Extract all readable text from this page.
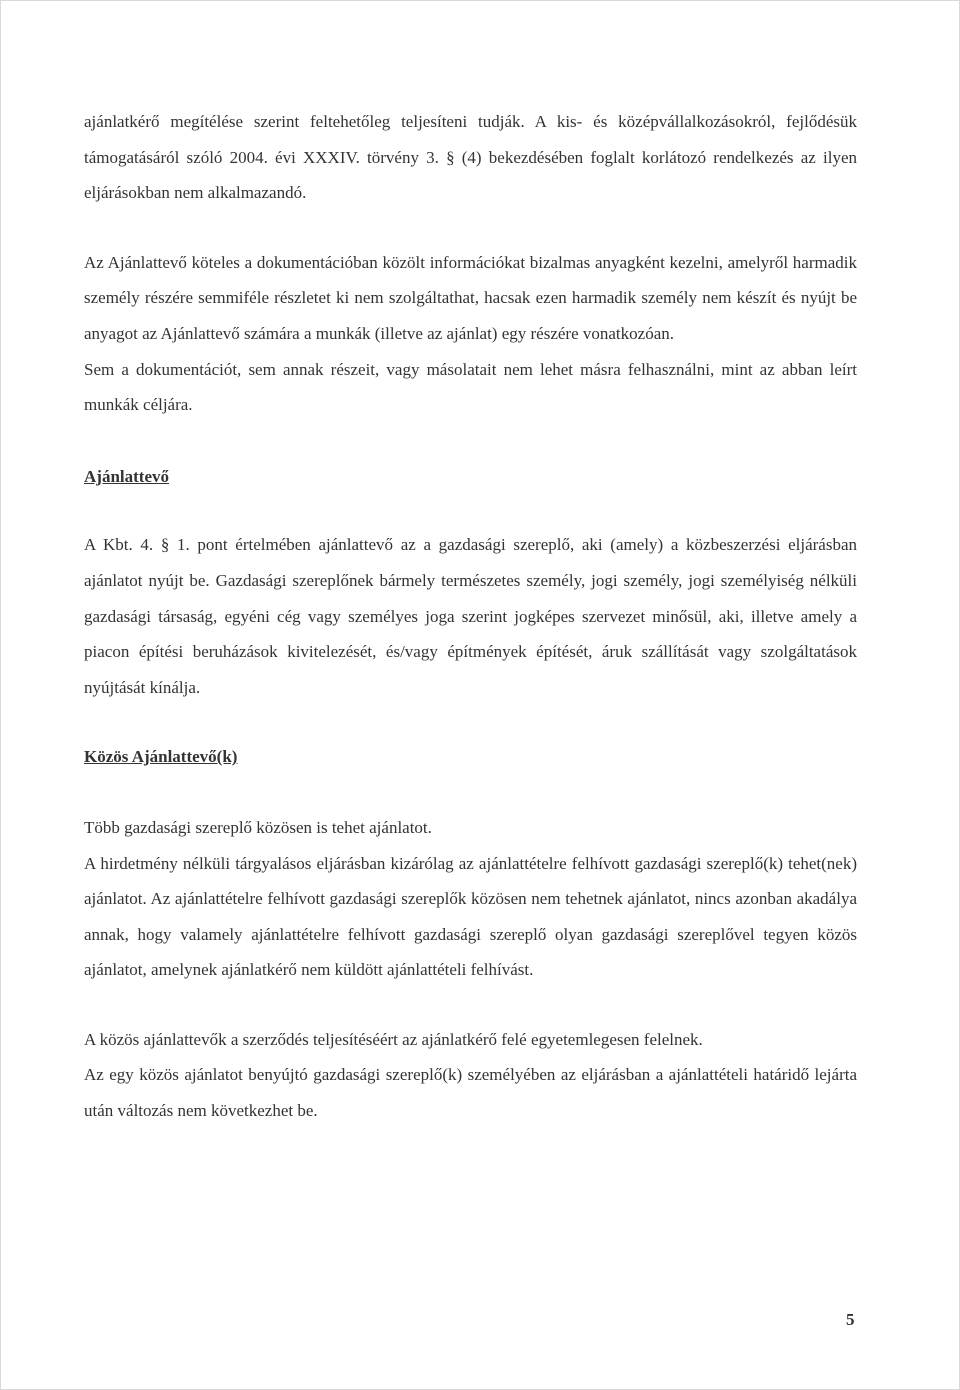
ajánlatkérő megítélése szerint feltehetőleg teljesíteni tudják. A kis- és középvállalkozásokról, fejlődésük támogatásáról szóló 2004. évi XXXIV. törvény 3. § (4) bekezdésében foglalt korlátozó rendelkezés az ilyen eljárásokban nem alkalmazandó.

Az Ajánlattevő köteles a dokumentációban közölt információkat bizalmas anyagként kezelni, amelyről harmadik személy részére semmiféle részletet ki nem szolgáltathat, hacsak ezen harmadik személy nem készít és nyújt be anyagot az Ajánlattevő számára a munkák (illetve az ajánlat) egy részére vonatkozóan.

Sem a dokumentációt, sem annak részeit, vagy másolatait nem lehet másra felhasználni, mint az abban leírt munkák céljára.

Ajánlattevő

A Kbt. 4. § 1. pont értelmében ajánlattevő az a gazdasági szereplő, aki (amely) a közbeszerzési eljárásban ajánlatot nyújt be. Gazdasági szereplőnek bármely természetes személy, jogi személy, jogi személyiség nélküli gazdasági társaság, egyéni cég vagy személyes joga szerint jogképes szervezet minősül, aki, illetve amely a piacon építési beruházások kivitelezését, és/vagy építmények építését, áruk szállítását vagy szolgáltatások nyújtását kínálja.

Közös Ajánlattevő(k)

Több gazdasági szereplő közösen is tehet ajánlatot.

A hirdetmény nélküli tárgyalásos eljárásban kizárólag az ajánlattételre felhívott gazdasági szereplő(k) tehet(nek) ajánlatot. Az ajánlattételre felhívott gazdasági szereplők közösen nem tehetnek ajánlatot, nincs azonban akadálya annak, hogy valamely ajánlattételre felhívott gazdasági szereplő olyan gazdasági szereplővel tegyen közös ajánlatot, amelynek ajánlatkérő nem küldött ajánlattételi felhívást.

A közös ajánlattevők a szerződés teljesítéséért az ajánlatkérő felé egyetemlegesen felelnek.

Az egy közös ajánlatot benyújtó gazdasági szereplő(k) személyében az eljárásban a ajánlattételi határidő lejárta után változás nem következhet be.

5
